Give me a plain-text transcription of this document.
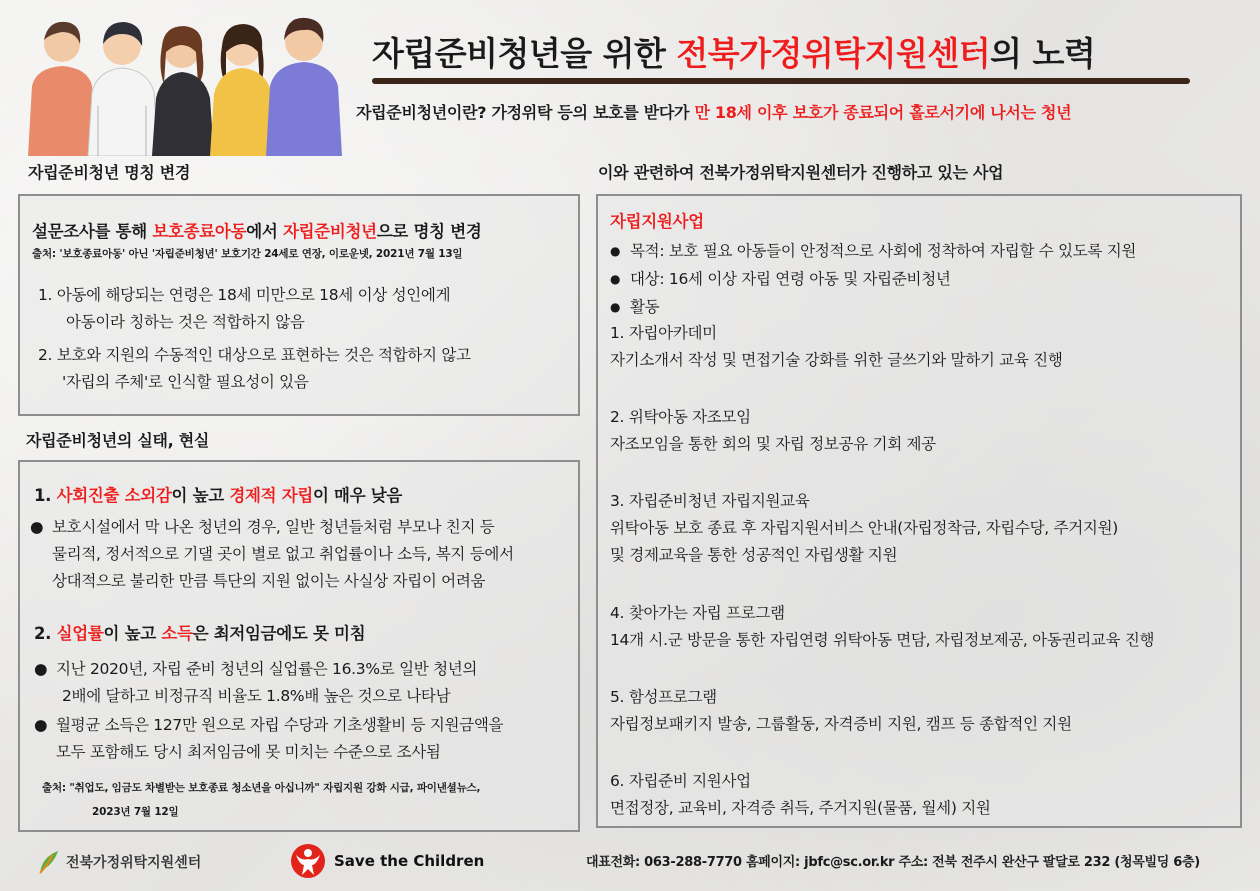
자립준비청년을 위한 전북가정위탁지원센터의 노력
자립준비청년이란? 가정위탁 등의 보호를 받다가 만 18세 이후 보호가 종료되어 홀로서기에 나서는 청년
자립준비청년 명칭 변경
설문조사를 통해 보호종료아동에서 자립준비청년으로 명칭 변경
출처: '보호종료아동' 아닌 '자립준비청년' 보호기간 24세로 연장, 이로운넷, 2021년 7월 13일
1. 아동에 해당되는 연령은 18세 미만으로 18세 이상 성인에게
아동이라 칭하는 것은 적합하지 않음
2. 보호와 지원의 수동적인 대상으로 표현하는 것은 적합하지 않고
'자립의 주체'로 인식할 필요성이 있음
자립준비청년의 실태, 현실
1. 사회진출 소외감이 높고 경제적 자립이 매우 낮음
● 보호시설에서 막 나온 청년의 경우, 일반 청년들처럼 부모나 친지 등
물리적, 정서적으로 기댈 곳이 별로 없고 취업률이나 소득, 복지 등에서
상대적으로 불리한 만큼 특단의 지원 없이는 사실상 자립이 어려움
2. 실업률이 높고 소득은 최저임금에도 못 미침
● 지난 2020년, 자립 준비 청년의 실업률은 16.3%로 일반 청년의
2배에 달하고 비정규직 비율도 1.8%배 높은 것으로 나타남
● 월평균 소득은 127만 원으로 자립 수당과 기초생활비 등 지원금액을
모두 포함해도 당시 최저임금에 못 미치는 수준으로 조사됨
출처: "취업도, 임금도 차별받는 보호종료 청소년을 아십니까" 자립지원 강화 시급, 파이낸셜뉴스,
2023년 7월 12일
이와 관련하여 전북가정위탁지원센터가 진행하고 있는 사업
자립지원사업
● 목적: 보호 필요 아동들이 안정적으로 사회에 정착하여 자립할 수 있도록 지원
● 대상: 16세 이상 자립 연령 아동 및 자립준비청년
● 활동
1. 자립아카데미
자기소개서 작성 및 면접기술 강화를 위한 글쓰기와 말하기 교육 진행
2. 위탁아동 자조모임
자조모임을 통한 회의 및 자립 정보공유 기회 제공
3. 자립준비청년 자립지원교육
위탁아동 보호 종료 후 자립지원서비스 안내(자립정착금, 자립수당, 주거지원)
및 경제교육을 통한 성공적인 자립생활 지원
4. 찾아가는 자립 프로그램
14개 시.군 방문을 통한 자립연령 위탁아동 면담, 자립정보제공, 아동권리교육 진행
5. 함성프로그램
자립정보패키지 발송, 그룹활동, 자격증비 지원, 캠프 등 종합적인 지원
6. 자립준비 지원사업
면접정장, 교육비, 자격증 취득, 주거지원(물품, 월세) 지원
전북가정위탁지원센터	Save the Children	대표전화: 063-288-7770 홈페이지: jbfc@sc.or.kr 주소: 전북 전주시 완산구 팔달로 232 (청목빌딩 6층)
